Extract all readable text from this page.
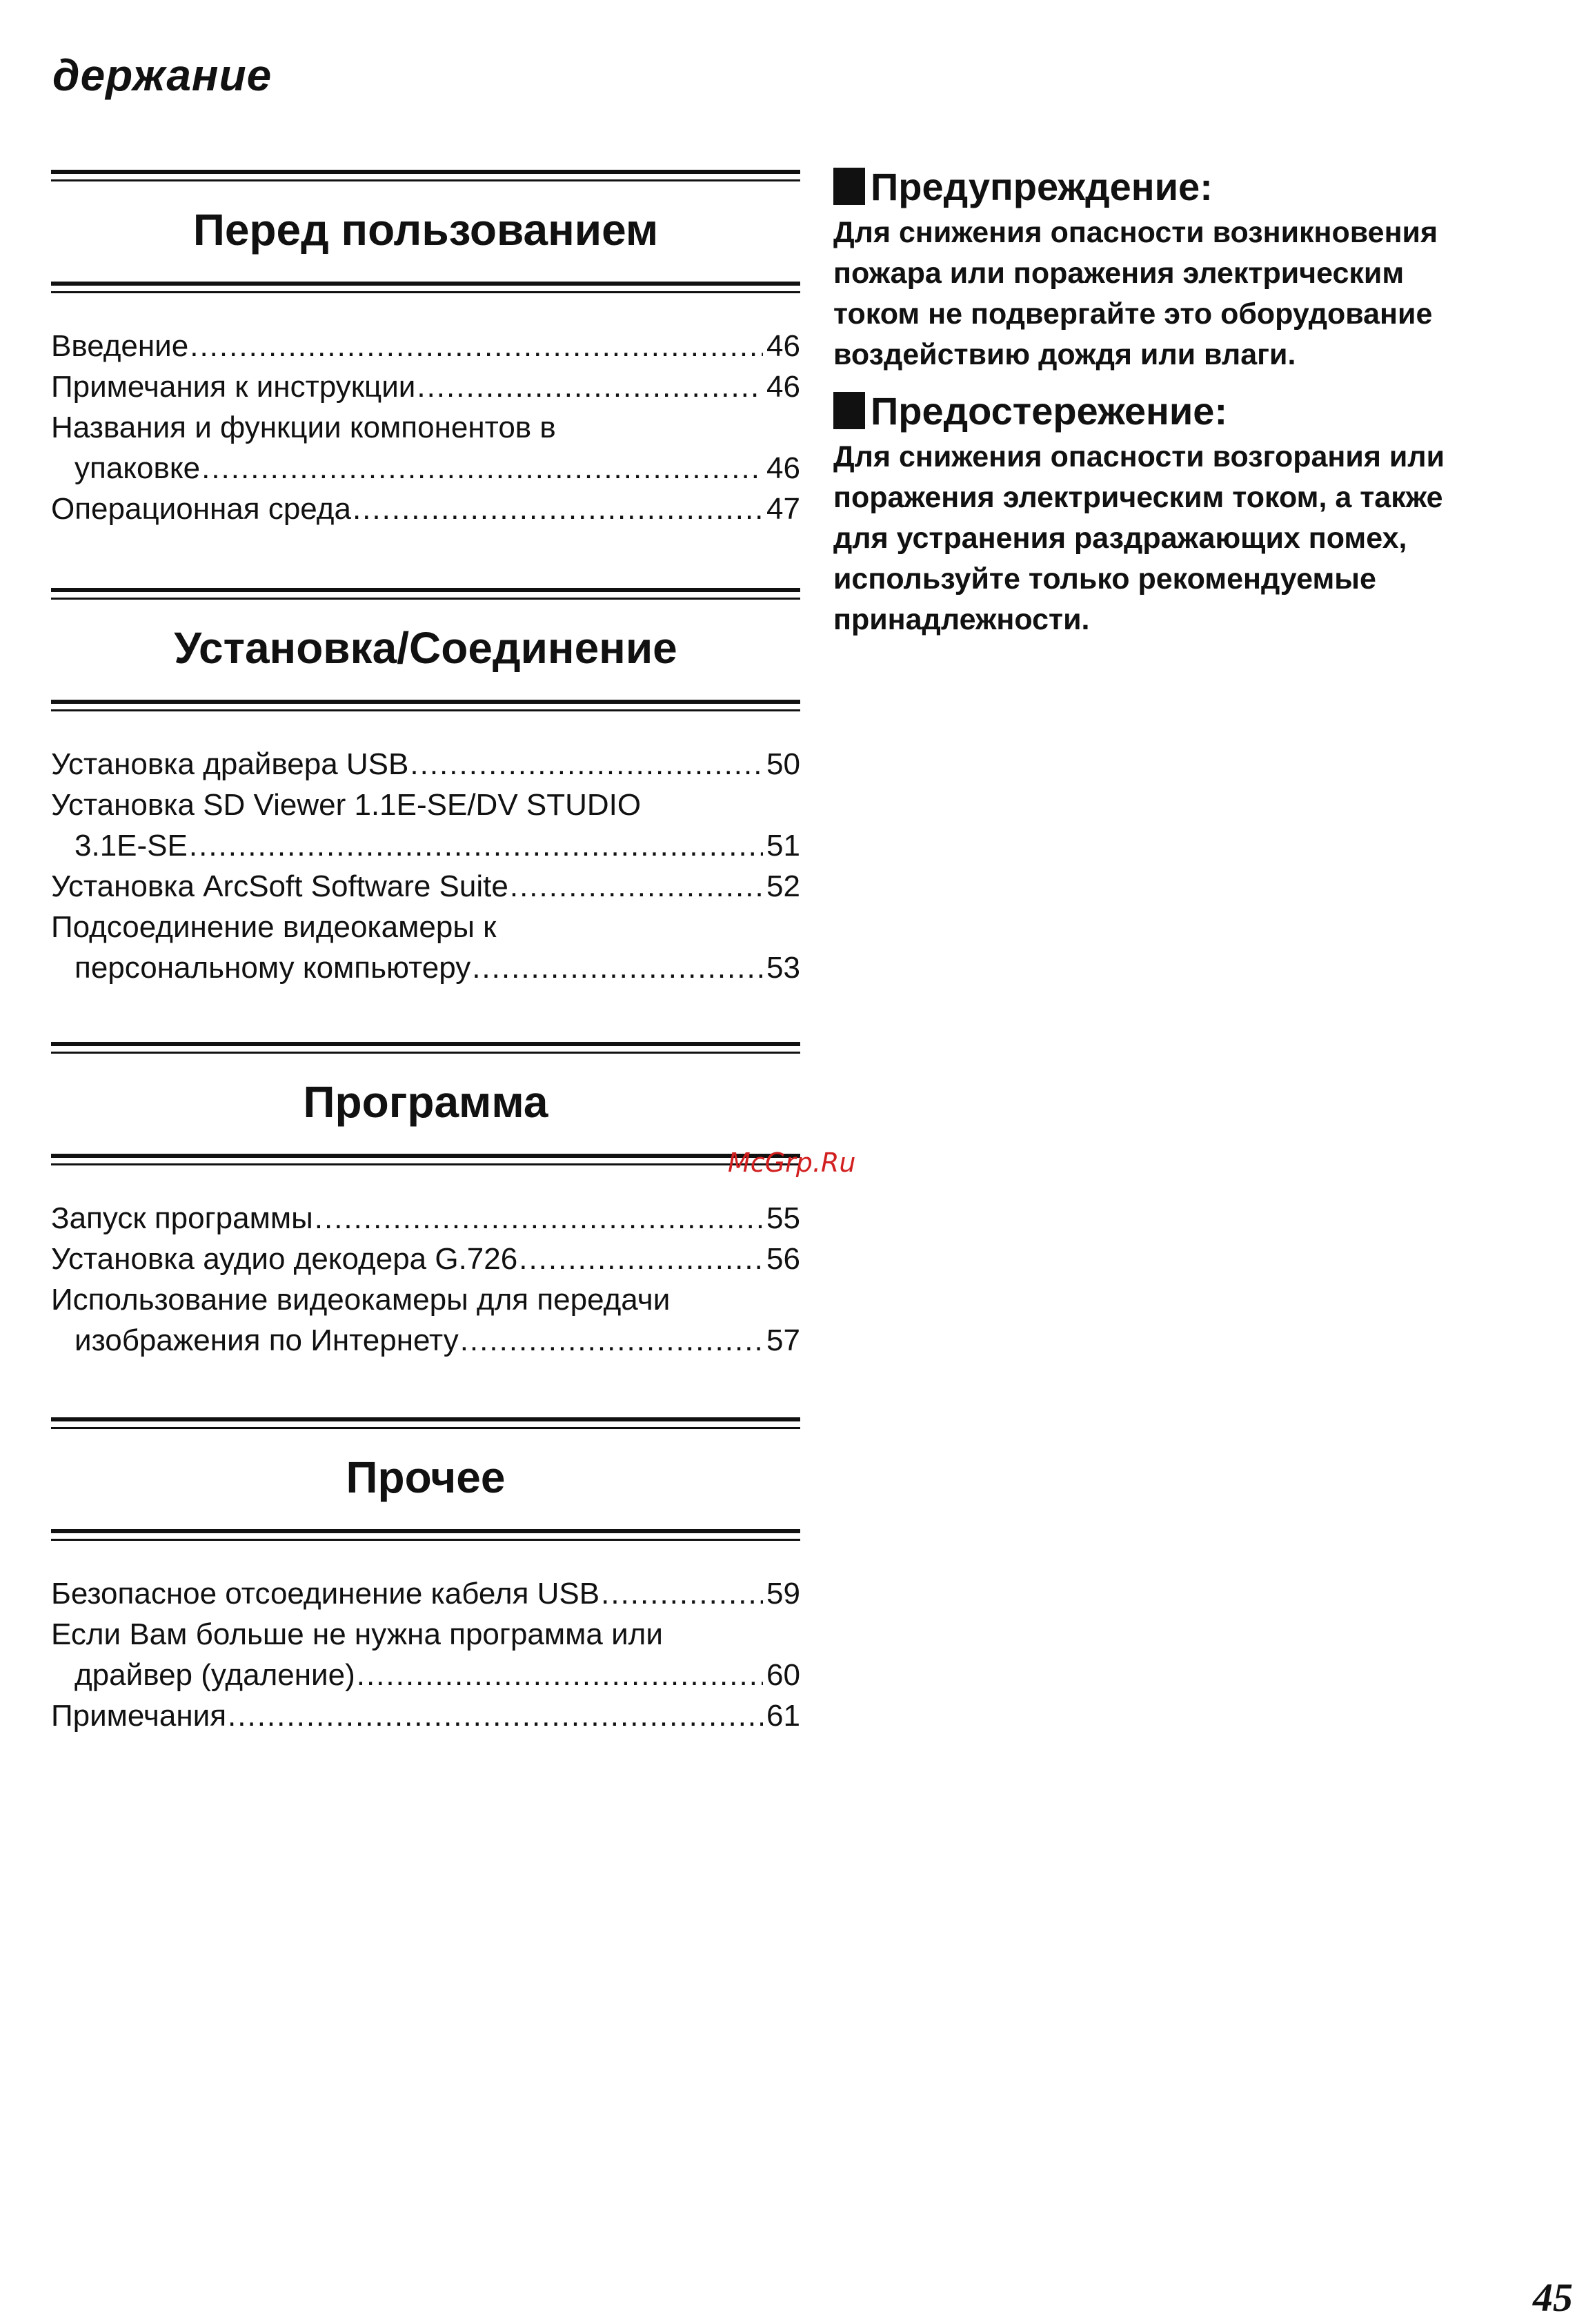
держание
Перед пользованием
Введение .....	46
Примечания к инструкции .....	46
Названия и функции компонентов в
упаковке .....	46
Операционная среда .....	47
Установка/Соединение
Установка драйвера USB .....	50
Установка SD Viewer 1.1E-SE/DV STUDIO
3.1E-SE .....	51
Установка ArcSoft Software Suite .....	52
Подсоединение видеокамеры к
персональному компьютеру .....	53
Программа
Запуск программы .....	55
Установка аудио декодера G.726 .....	56
Использование видеокамеры для передачи
изображения по Интернету .....	57
Прочее
Безопасное отсоединение кабеля USB .....	59
Если Вам больше не нужна программа или
драйвер (удаление) .....	60
Примечания .....	61
Предупреждение:
Для снижения опасности возникновения
пожара или поражения электрическим
током не подвергайте это оборудование
воздействию дождя или влаги.
Предостережение:
Для снижения опасности возгорания или
поражения электрическим током, а также
для устранения раздражающих помех,
используйте только рекомендуемые
принадлежности.
McGrp.Ru
45
